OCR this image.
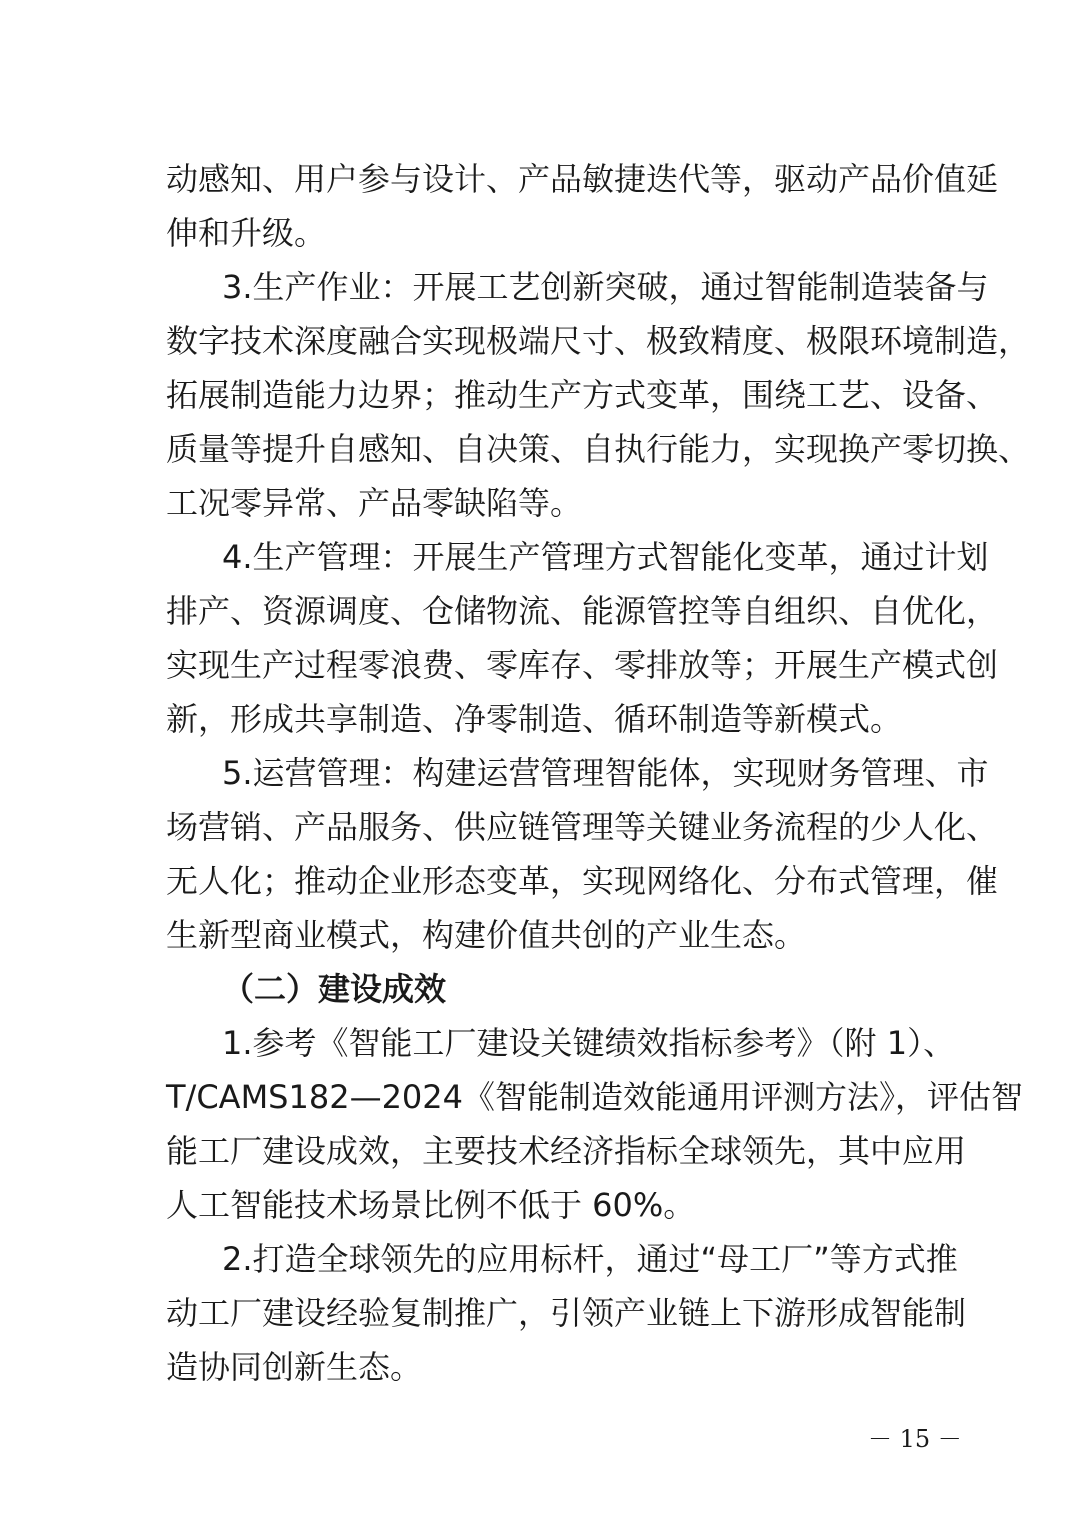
动感知、用户参与设计、产品敏捷迭代等，驱动产品价值延
伸和升级。
3.生产作业：开展工艺创新突破，通过智能制造装备与
数字技术深度融合实现极端尺寸、极致精度、极限环境制造，
拓展制造能力边界；推动生产方式变革，围绕工艺、设备、
质量等提升自感知、自决策、自执行能力，实现换产零切换、
工况零异常、产品零缺陷等。
4.生产管理：开展生产管理方式智能化变革，通过计划
排产、资源调度、仓储物流、能源管控等自组织、自优化，
实现生产过程零浪费、零库存、零排放等；开展生产模式创
新，形成共享制造、净零制造、循环制造等新模式。
5.运营管理：构建运营管理智能体，实现财务管理、市
场营销、产品服务、供应链管理等关键业务流程的少人化、
无人化；推动企业形态变革，实现网络化、分布式管理，催
生新型商业模式，构建价值共创的产业生态。
（二）建设成效
1.参考《智能工厂建设关键绩效指标参考》（附 1）、
T/CAMS182—2024《智能制造效能通用评测方法》，评估智
能工厂建设成效，主要技术经济指标全球领先，其中应用
人工智能技术场景比例不低于 60%。
2.打造全球领先的应用标杆，通过“母工厂”等方式推
动工厂建设经验复制推广，引领产业链上下游形成智能制
造协同创新生态。
－ 15 －
